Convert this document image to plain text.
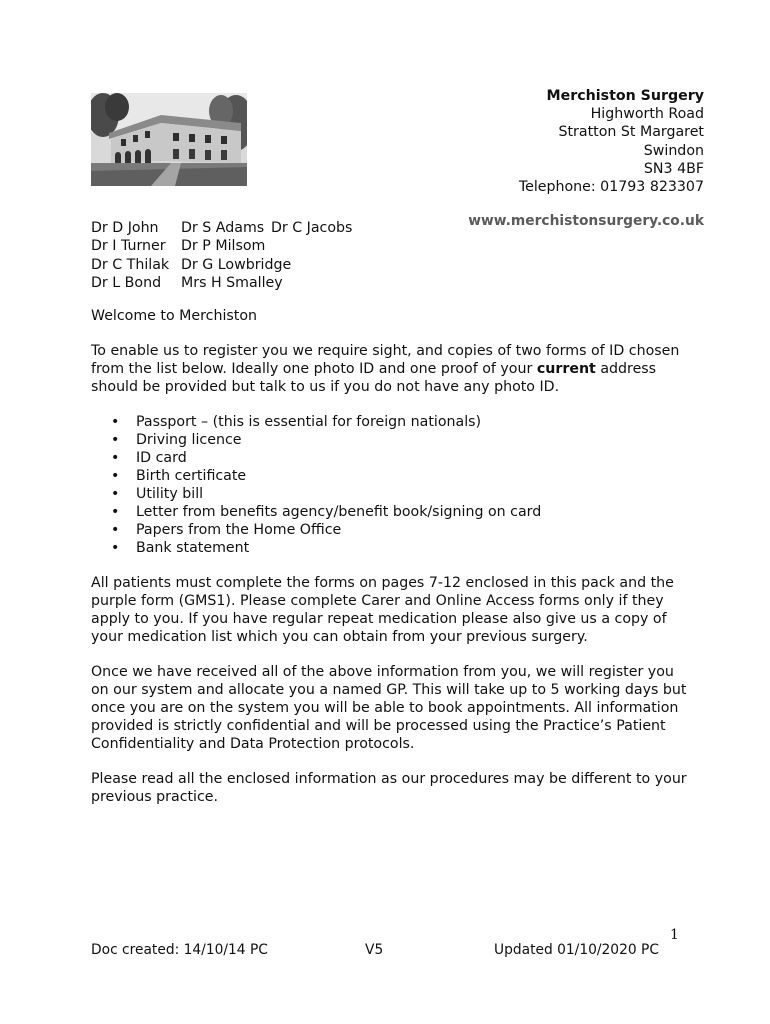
Merchiston Surgery
Highworth Road
Stratton St Margaret
Swindon
SN3 4BF
Telephone: 01793 823307
www.merchistonsurgery.co.uk
Dr D John Dr S Adams Dr C Jacobs
Dr I Turner Dr P Milsom
Dr C Thilak Dr G Lowbridge
Dr L Bond Mrs H Smalley

Welcome to Merchiston

To enable us to register you we require sight, and copies of two forms of ID chosen from the list below. Ideally one photo ID and one proof of your current address should be provided but talk to us if you do not have any photo ID.

• Passport – (this is essential for foreign nationals)
• Driving licence
• ID card
• Birth certificate
• Utility bill
• Letter from benefits agency/benefit book/signing on card
• Papers from the Home Office
• Bank statement

All patients must complete the forms on pages 7-12 enclosed in this pack and the purple form (GMS1). Please complete Carer and Online Access forms only if they apply to you. If you have regular repeat medication please also give us a copy of your medication list which you can obtain from your previous surgery.

Once we have received all of the above information from you, we will register you on our system and allocate you a named GP. This will take up to 5 working days but once you are on the system you will be able to book appointments. All information provided is strictly confidential and will be processed using the Practice’s Patient Confidentiality and Data Protection protocols.

Please read all the enclosed information as our procedures may be different to your previous practice.

1
Doc created: 14/10/14 PC	V5	Updated 01/10/2020 PC
